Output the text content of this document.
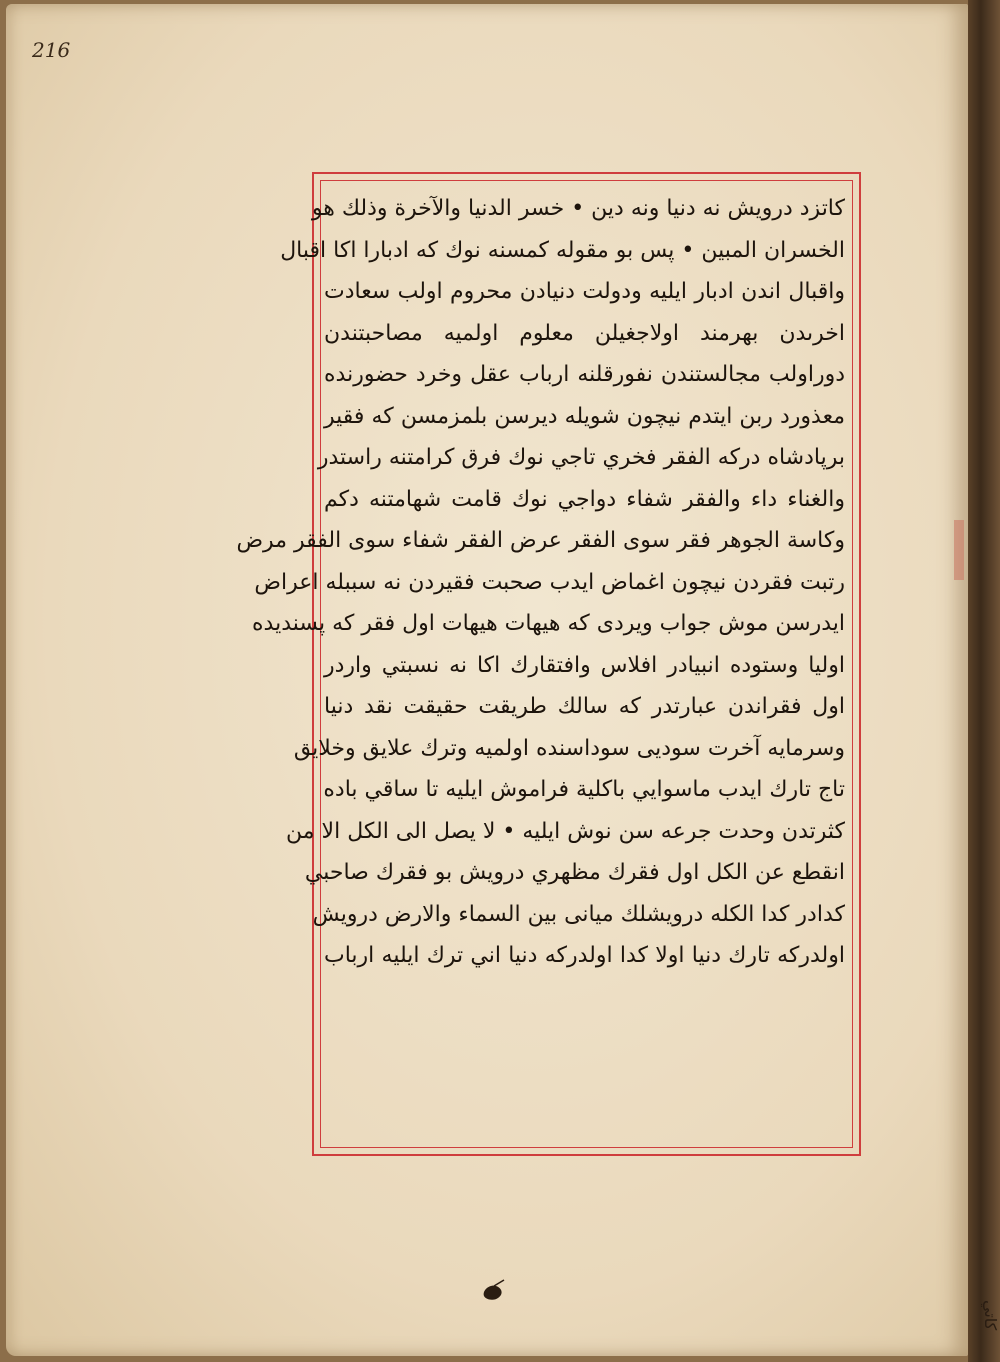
216
كاتزد درويش نه دنيا ونه دين • خسر الدنيا والآخرة وذلك هو
الخسران المبين • پس بو مقوله كمسنه نوك كه ادبارا اكا اقبال
واقبال اندن ادبار ايليه ودولت دنيادن محروم اولب سعادت
اخرىدن بهرمند اولاجغيلن معلوم اولميه مصاحبتندن
دوراولب مجالستندن نفورقلنه ارباب عقل وخرد حضورنده
معذورد ربن ايتدم نيچون شويله ديرسن بلمزمسن كه فقير
برپادشاه دركه الفقر فخري تاجي نوك فرق كرامتنه راستدر
والغناء داء والفقر شفاء دواجي نوك قامت شهامتنه دكم
وكاسة الجوهر فقر سوى الفقر عرض الفقر شفاء سوى الفقر مرض
رتبت فقردن نيچون اغماض ايدب صحبت فقيردن نه سببله اعراض
ايدرسن موش جواب ويردى كه هيهات هيهات اول فقر كه پسنديده
اوليا وستوده انبيادر افلاس وافتقارك اكا نه نسبتي واردر
اول فقراندن عبارتدر كه سالك طريقت حقيقت نقد دنيا
وسرمايه آخرت سوديى سوداسنده اولميه وترك علايق وخلايق
تاج تارك ايدب ماسوايي باكلية فراموش ايليه تا ساقي باده
كثرتدن وحدت جرعه سن نوش ايليه • لا يصل الى الكل الا من
انقطع عن الكل اول فقرك مظهري درويش بو فقرك صاحبي
كدادر كدا الكله درويشلك ميانى بين السماء والارض درويش
اولدركه تارك دنيا اولا كدا اولدركه دنيا اني ترك ايليه ارباب
كاتي
